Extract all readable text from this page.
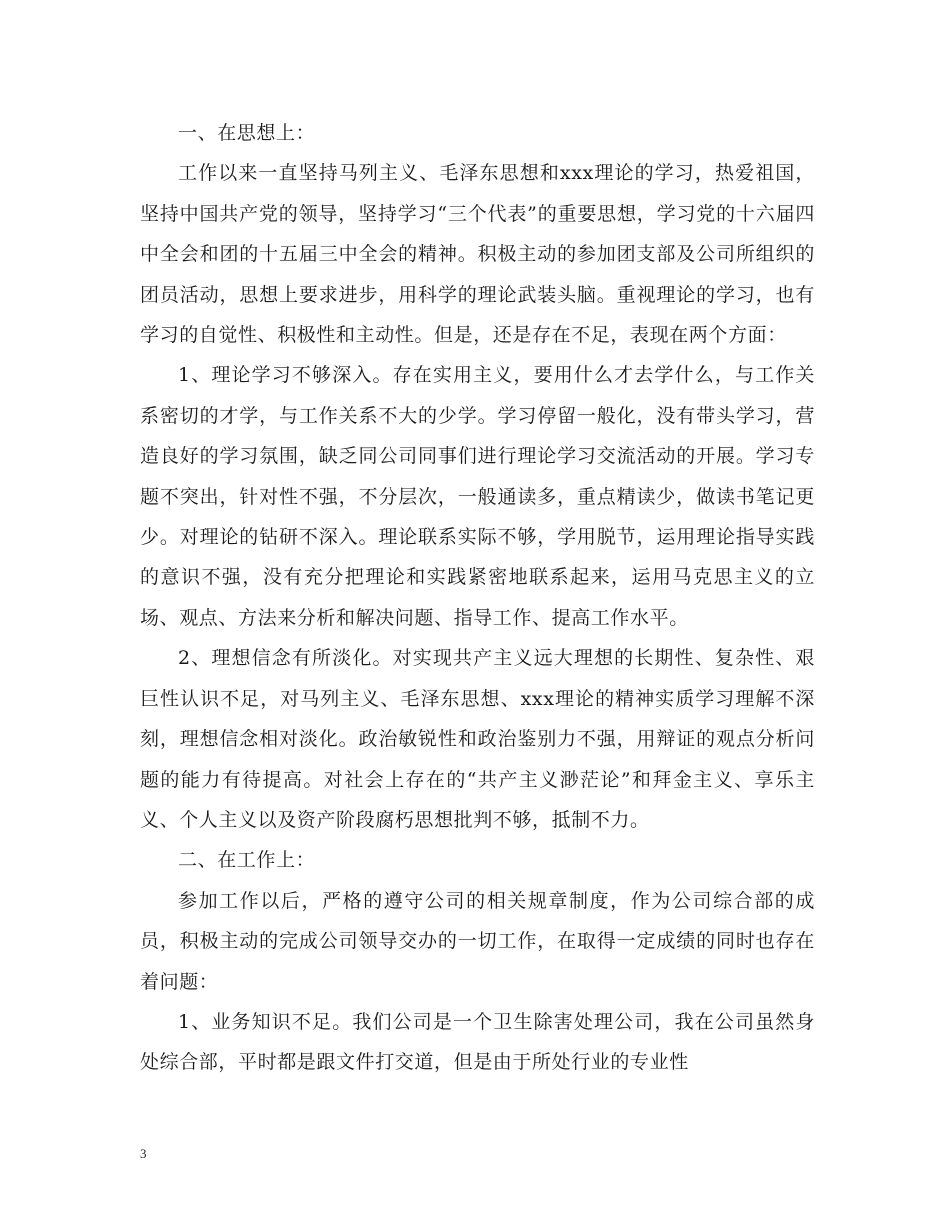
一、在思想上：

工作以来一直坚持马列主义、毛泽东思想和xxx理论的学习，热爱祖国，坚持中国共产党的领导，坚持学习“三个代表”的重要思想，学习党的十六届四中全会和团的十五届三中全会的精神。积极主动的参加团支部及公司所组织的团员活动，思想上要求进步，用科学的理论武装头脑。重视理论的学习，也有学习的自觉性、积极性和主动性。但是，还是存在不足，表现在两个方面：

1、理论学习不够深入。存在实用主义，要用什么才去学什么，与工作关系密切的才学，与工作关系不大的少学。学习停留一般化，没有带头学习，营造良好的学习氛围，缺乏同公司同事们进行理论学习交流活动的开展。学习专题不突出，针对性不强，不分层次，一般通读多，重点精读少，做读书笔记更少。对理论的钻研不深入。理论联系实际不够，学用脱节，运用理论指导实践的意识不强，没有充分把理论和实践紧密地联系起来，运用马克思主义的立场、观点、方法来分析和解决问题、指导工作、提高工作水平。

2、理想信念有所淡化。对实现共产主义远大理想的长期性、复杂性、艰巨性认识不足，对马列主义、毛泽东思想、xxx理论的精神实质学习理解不深刻，理想信念相对淡化。政治敏锐性和政治鉴别力不强，用辩证的观点分析问题的能力有待提高。对社会上存在的“共产主义渺茫论”和拜金主义、享乐主义、个人主义以及资产阶段腐朽思想批判不够，抵制不力。

二、在工作上：

参加工作以后，严格的遵守公司的相关规章制度，作为公司综合部的成员，积极主动的完成公司领导交办的一切工作，在取得一定成绩的同时也存在着问题：

1、业务知识不足。我们公司是一个卫生除害处理公司，我在公司虽然身处综合部，平时都是跟文件打交道，但是由于所处行业的专业性

3
